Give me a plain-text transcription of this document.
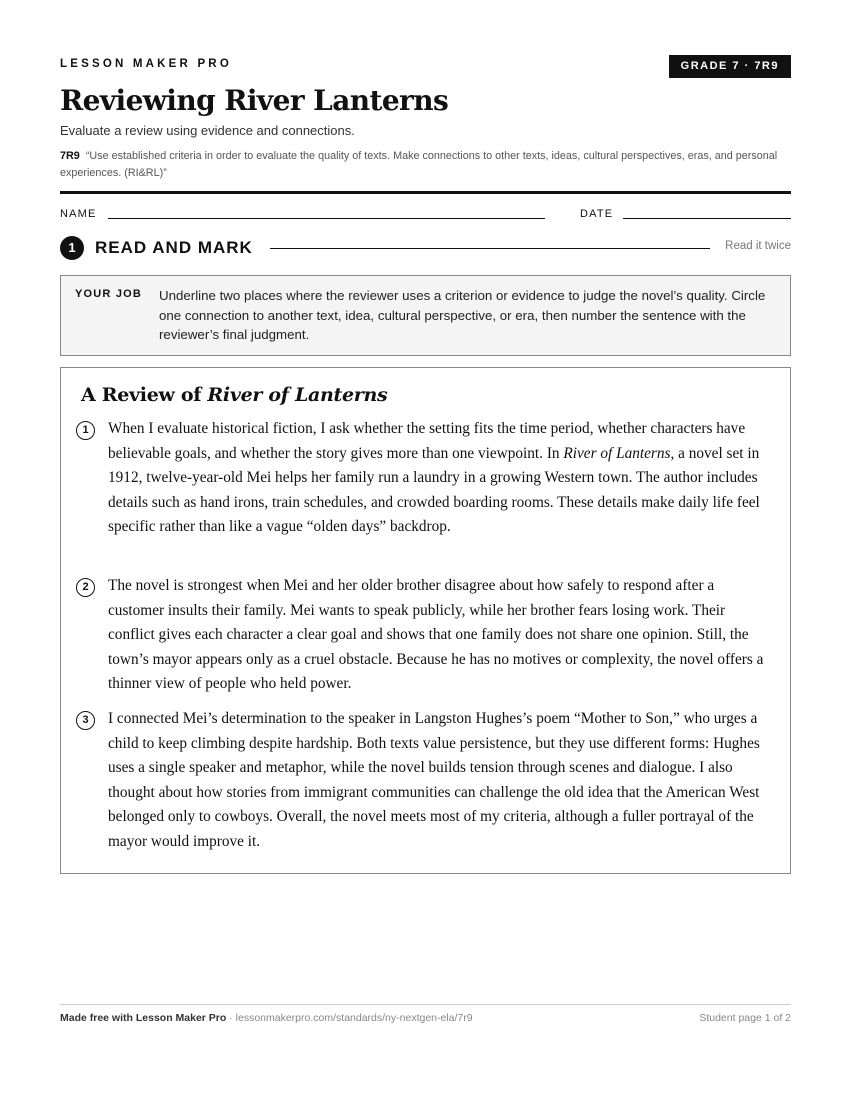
LESSON MAKER PRO	GRADE 7 · 7R9
Reviewing River Lanterns
Evaluate a review using evidence and connections.
7R9 “Use established criteria in order to evaluate the quality of texts. Make connections to other texts, ideas, cultural perspectives, eras, and personal experiences. (RI&RL)”
NAME	DATE
1	READ AND MARK	Read it twice
YOUR JOB Underline two places where the reviewer uses a criterion or evidence to judge the novel’s quality. Circle one connection to another text, idea, cultural perspective, or era, then number the sentence with the reviewer’s final judgment.
A Review of River of Lanterns
1	When I evaluate historical fiction, I ask whether the setting fits the time period, whether characters have believable goals, and whether the story gives more than one viewpoint. In River of Lanterns, a novel set in 1912, twelve-year-old Mei helps her family run a laundry in a growing Western town. The author includes details such as hand irons, train schedules, and crowded boarding rooms. These details make daily life feel specific rather than like a vague “olden days” backdrop.
2	The novel is strongest when Mei and her older brother disagree about how safely to respond after a customer insults their family. Mei wants to speak publicly, while her brother fears losing work. Their conflict gives each character a clear goal and shows that one family does not share one opinion. Still, the town’s mayor appears only as a cruel obstacle. Because he has no motives or complexity, the novel offers a thinner view of people who held power.
3	I connected Mei’s determination to the speaker in Langston Hughes’s poem “Mother to Son,” who urges a child to keep climbing despite hardship. Both texts value persistence, but they use different forms: Hughes uses a single speaker and metaphor, while the novel builds tension through scenes and dialogue. I also thought about how stories from immigrant communities can challenge the old idea that the American West belonged only to cowboys. Overall, the novel meets most of my criteria, although a fuller portrayal of the mayor would improve it.
Made free with Lesson Maker Pro · lessonmakerpro.com/standards/ny-nextgen-ela/7r9	Student page 1 of 2
